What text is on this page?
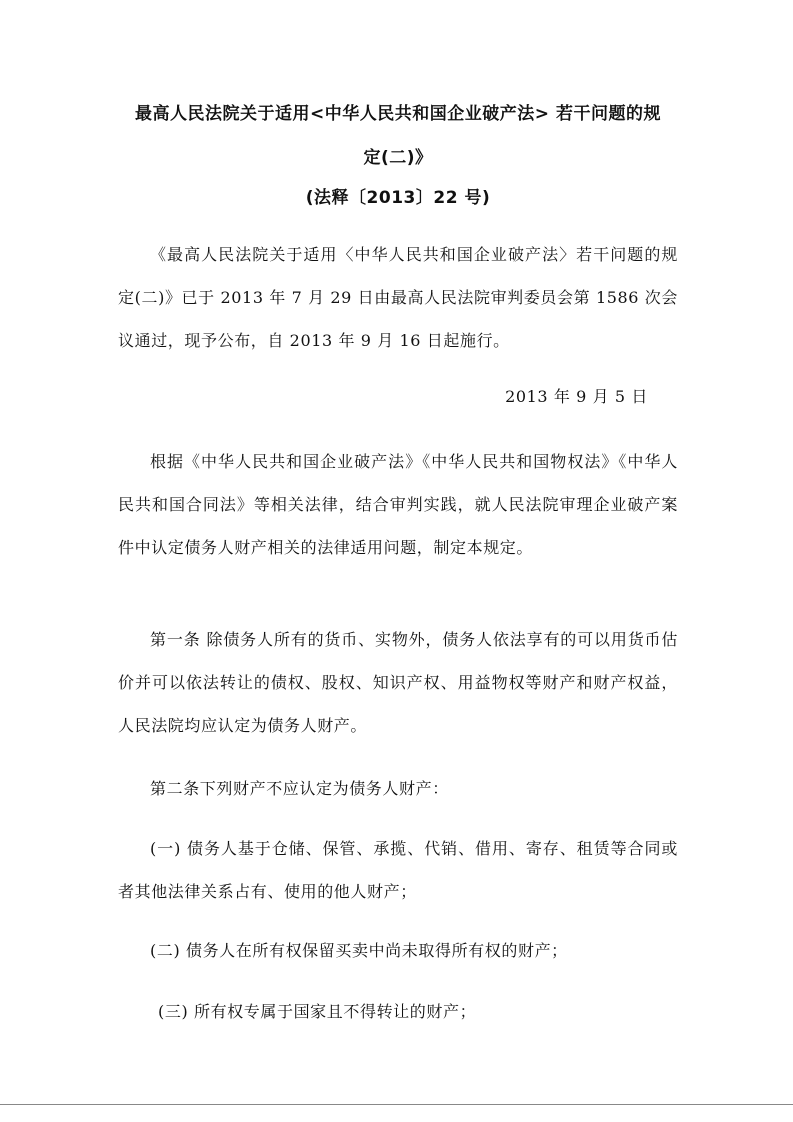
最高人民法院关于适用<中华人民共和国企业破产法> 若干问题的规
定(二)》
(法释〔2013〕22 号)

《最高人民法院关于适用〈中华人民共和国企业破产法〉若干问题的规定(二)》已于 2013 年 7 月 29 日由最高人民法院审判委员会第 1586 次会议通过，现予公布，自 2013 年 9 月 16 日起施行。

2013 年 9 月 5 日

根据《中华人民共和国企业破产法》《中华人民共和国物权法》《中华人民共和国合同法》等相关法律，结合审判实践，就人民法院审理企业破产案件中认定债务人财产相关的法律适用问题，制定本规定。

第一条 除债务人所有的货币、实物外，债务人依法享有的可以用货币估价并可以依法转让的债权、股权、知识产权、用益物权等财产和财产权益，人民法院均应认定为债务人财产。

第二条下列财产不应认定为债务人财产：

(一) 债务人基于仓储、保管、承揽、代销、借用、寄存、租赁等合同或者其他法律关系占有、使用的他人财产；

(二) 债务人在所有权保留买卖中尚未取得所有权的财产；

(三) 所有权专属于国家且不得转让的财产；
